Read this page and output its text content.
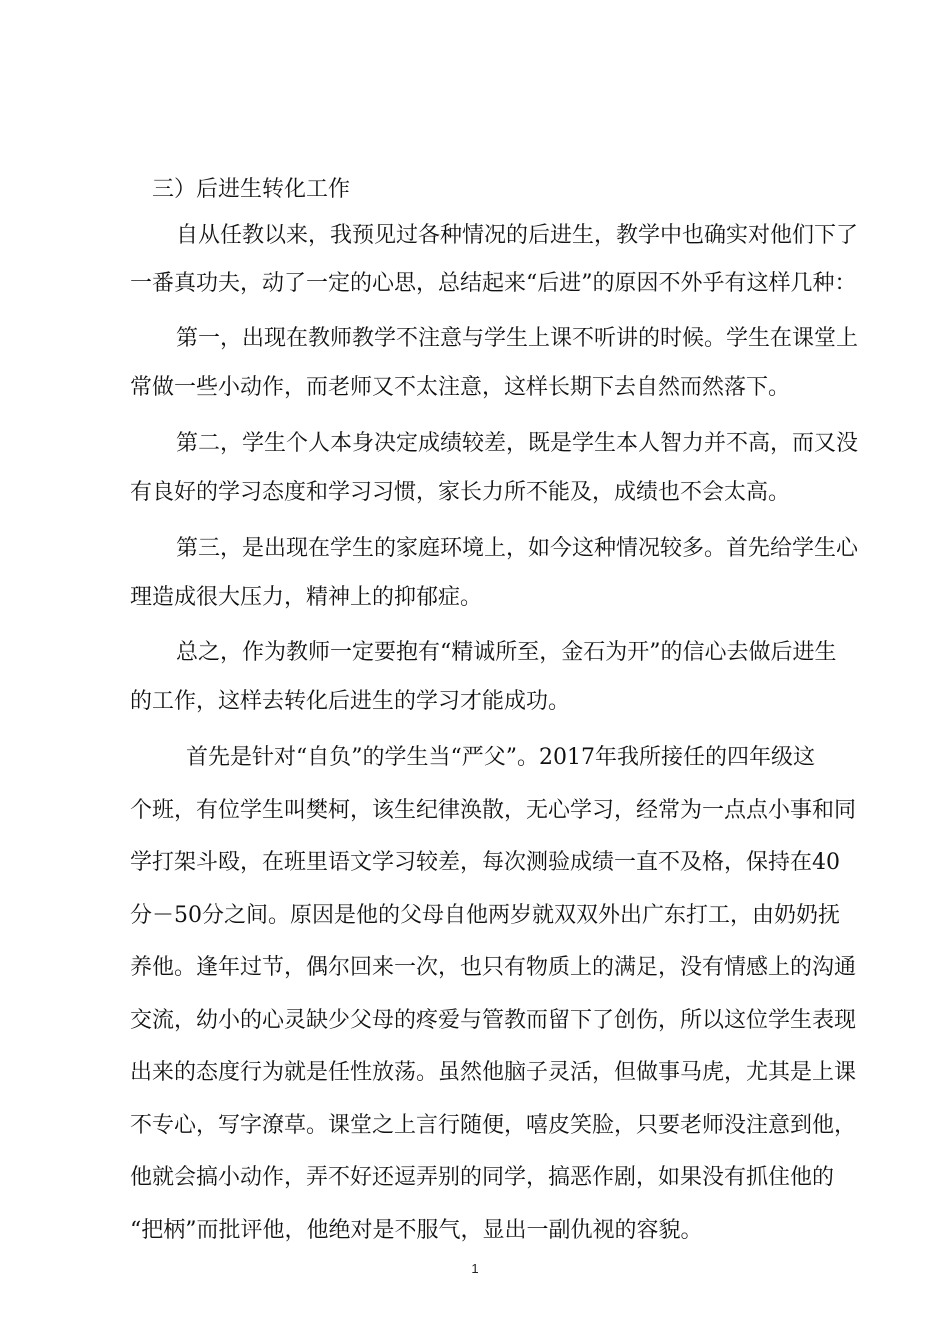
三）后进生转化工作
自从任教以来，我预见过各种情况的后进生，教学中也确实对他们下了
一番真功夫，动了一定的心思，总结起来“后进”的原因不外乎有这样几种：
第一，出现在教师教学不注意与学生上课不听讲的时候。学生在课堂上
常做一些小动作，而老师又不太注意，这样长期下去自然而然落下。
第二，学生个人本身决定成绩较差，既是学生本人智力并不高，而又没
有良好的学习态度和学习习惯，家长力所不能及，成绩也不会太高。
第三，是出现在学生的家庭环境上，如今这种情况较多。首先给学生心
理造成很大压力，精神上的抑郁症。
总之，作为教师一定要抱有“精诚所至，金石为开”的信心去做后进生
的工作，这样去转化后进生的学习才能成功。
首先是针对“自负”的学生当“严父”。2017年我所接任的四年级这
个班，有位学生叫樊柯，该生纪律涣散，无心学习，经常为一点点小事和同
学打架斗殴，在班里语文学习较差，每次测验成绩一直不及格，保持在40
分－50分之间。原因是他的父母自他两岁就双双外出广东打工，由奶奶抚
养他。逢年过节，偶尔回来一次，也只有物质上的满足，没有情感上的沟通
交流，幼小的心灵缺少父母的疼爱与管教而留下了创伤，所以这位学生表现
出来的态度行为就是任性放荡。虽然他脑子灵活，但做事马虎，尤其是上课
不专心，写字潦草。课堂之上言行随便，嘻皮笑脸，只要老师没注意到他，
他就会搞小动作，弄不好还逗弄别的同学，搞恶作剧，如果没有抓住他的
“把柄”而批评他，他绝对是不服气，显出一副仇视的容貌。
1
